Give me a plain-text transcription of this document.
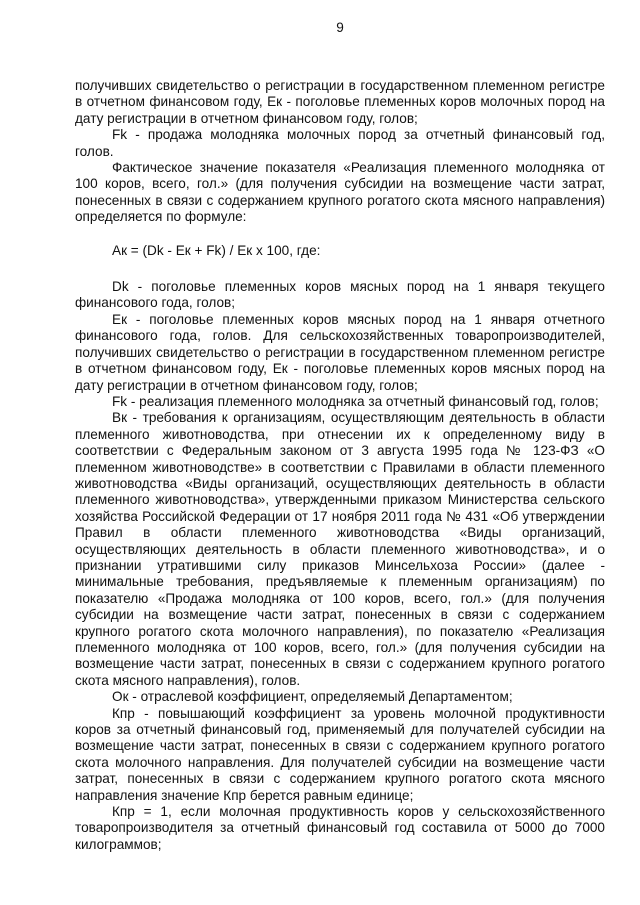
9

получивших свидетельство о регистрации в государственном племенном регистре в отчетном финансовом году, Ек - поголовье племенных коров молочных пород на дату регистрации в отчетном финансовом году, голов;

Fk - продажа молодняка молочных пород за отчетный финансовый год, голов.

Фактическое значение показателя «Реализация племенного молодняка от 100 коров, всего, гол.» (для получения субсидии на возмещение части затрат, понесенных в связи с содержанием крупного рогатого скота мясного направления) определяется по формуле:

Ак = (Dk - Ек + Fk) / Ек х 100, где:

Dk - поголовье племенных коров мясных пород на 1 января текущего финансового года, голов;

Ек - поголовье племенных коров мясных пород на 1 января отчетного финансового года, голов. Для сельскохозяйственных товаропроизводителей, получивших свидетельство о регистрации в государственном племенном регистре в отчетном финансовом году, Ек - поголовье племенных коров мясных пород на дату регистрации в отчетном финансовом году, голов;

Fk - реализация племенного молодняка за отчетный финансовый год, голов;

Вк - требования к организациям, осуществляющим деятельность в области племенного животноводства, при отнесении их к определенному виду в соответствии с Федеральным законом от 3 августа 1995 года № 123-ФЗ «О племенном животноводстве» в соответствии с Правилами в области племенного животноводства «Виды организаций, осуществляющих деятельность в области племенного животноводства», утвержденными приказом Министерства сельского хозяйства Российской Федерации от 17 ноября 2011 года № 431 «Об утверждении Правил в области племенного животноводства «Виды организаций, осуществляющих деятельность в области племенного животноводства», и о признании утратившими силу приказов Минсельхоза России» (далее - минимальные требования, предъявляемые к племенным организациям) по показателю «Продажа молодняка от 100 коров, всего, гол.» (для получения субсидии на возмещение части затрат, понесенных в связи с содержанием крупного рогатого скота молочного направления), по показателю «Реализация племенного молодняка от 100 коров, всего, гол.» (для получения субсидии на возмещение части затрат, понесенных в связи с содержанием крупного рогатого скота мясного направления), голов.

Ок - отраслевой коэффициент, определяемый Департаментом;

Кпр - повышающий коэффициент за уровень молочной продуктивности коров за отчетный финансовый год, применяемый для получателей субсидии на возмещение части затрат, понесенных в связи с содержанием крупного рогатого скота молочного направления. Для получателей субсидии на возмещение части затрат, понесенных в связи с содержанием крупного рогатого скота мясного направления значение Кпр берется равным единице;

Кпр = 1, если молочная продуктивность коров у сельскохозяйственного товаропроизводителя за отчетный финансовый год составила от 5000 до 7000 килограммов;
